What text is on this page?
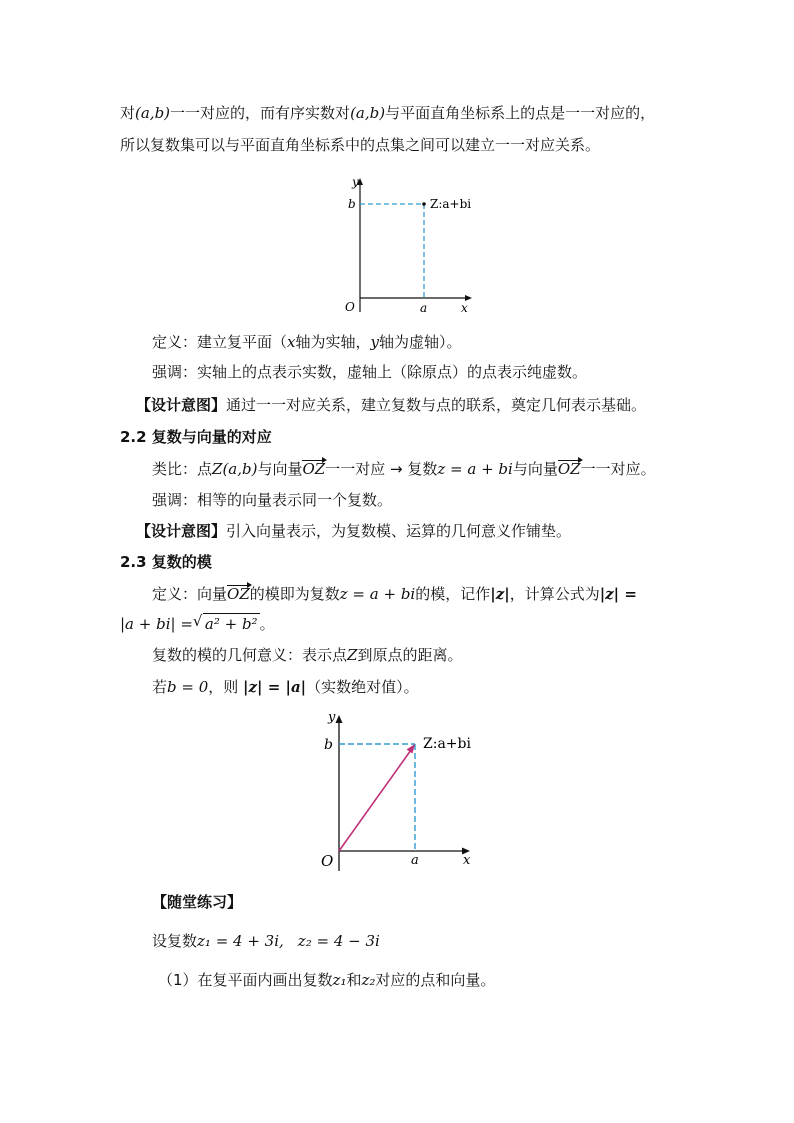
对(a,b)一一对应的，而有序实数对(a,b)与平面直角坐标系上的点是一一对应的，
所以复数集可以与平面直角坐标系中的点集之间可以建立一一对应关系。
y
x
O
b
a
Z:a+bi
定义：建立复平面（x轴为实轴，y轴为虚轴）。
强调：实轴上的点表示实数，虚轴上（除原点）的点表示纯虚数。
【设计意图】通过一一对应关系，建立复数与点的联系，奠定几何表示基础。
2.2 复数与向量的对应
类比：点Z(a,b)与向量OZ一一对应 → 复数z = a + bi与向量OZ一一对应。
强调：相等的向量表示同一个复数。
【设计意图】引入向量表示，为复数模、运算的几何意义作铺垫。
2.3 复数的模
定义：向量OZ的模即为复数z = a + bi的模，记作|z|，计算公式为|z| =
|a + bi| = √ a² + b² 。
复数的模的几何意义：表示点Z到原点的距离。
若b = 0，则 |z| = |a|（实数绝对值）。
y
x
O
b
a
Z:a+bi
【随堂练习】
设复数z₁ = 4 + 3i, z₂ = 4 − 3i
（1）在复平面内画出复数z₁和z₂对应的点和向量。
